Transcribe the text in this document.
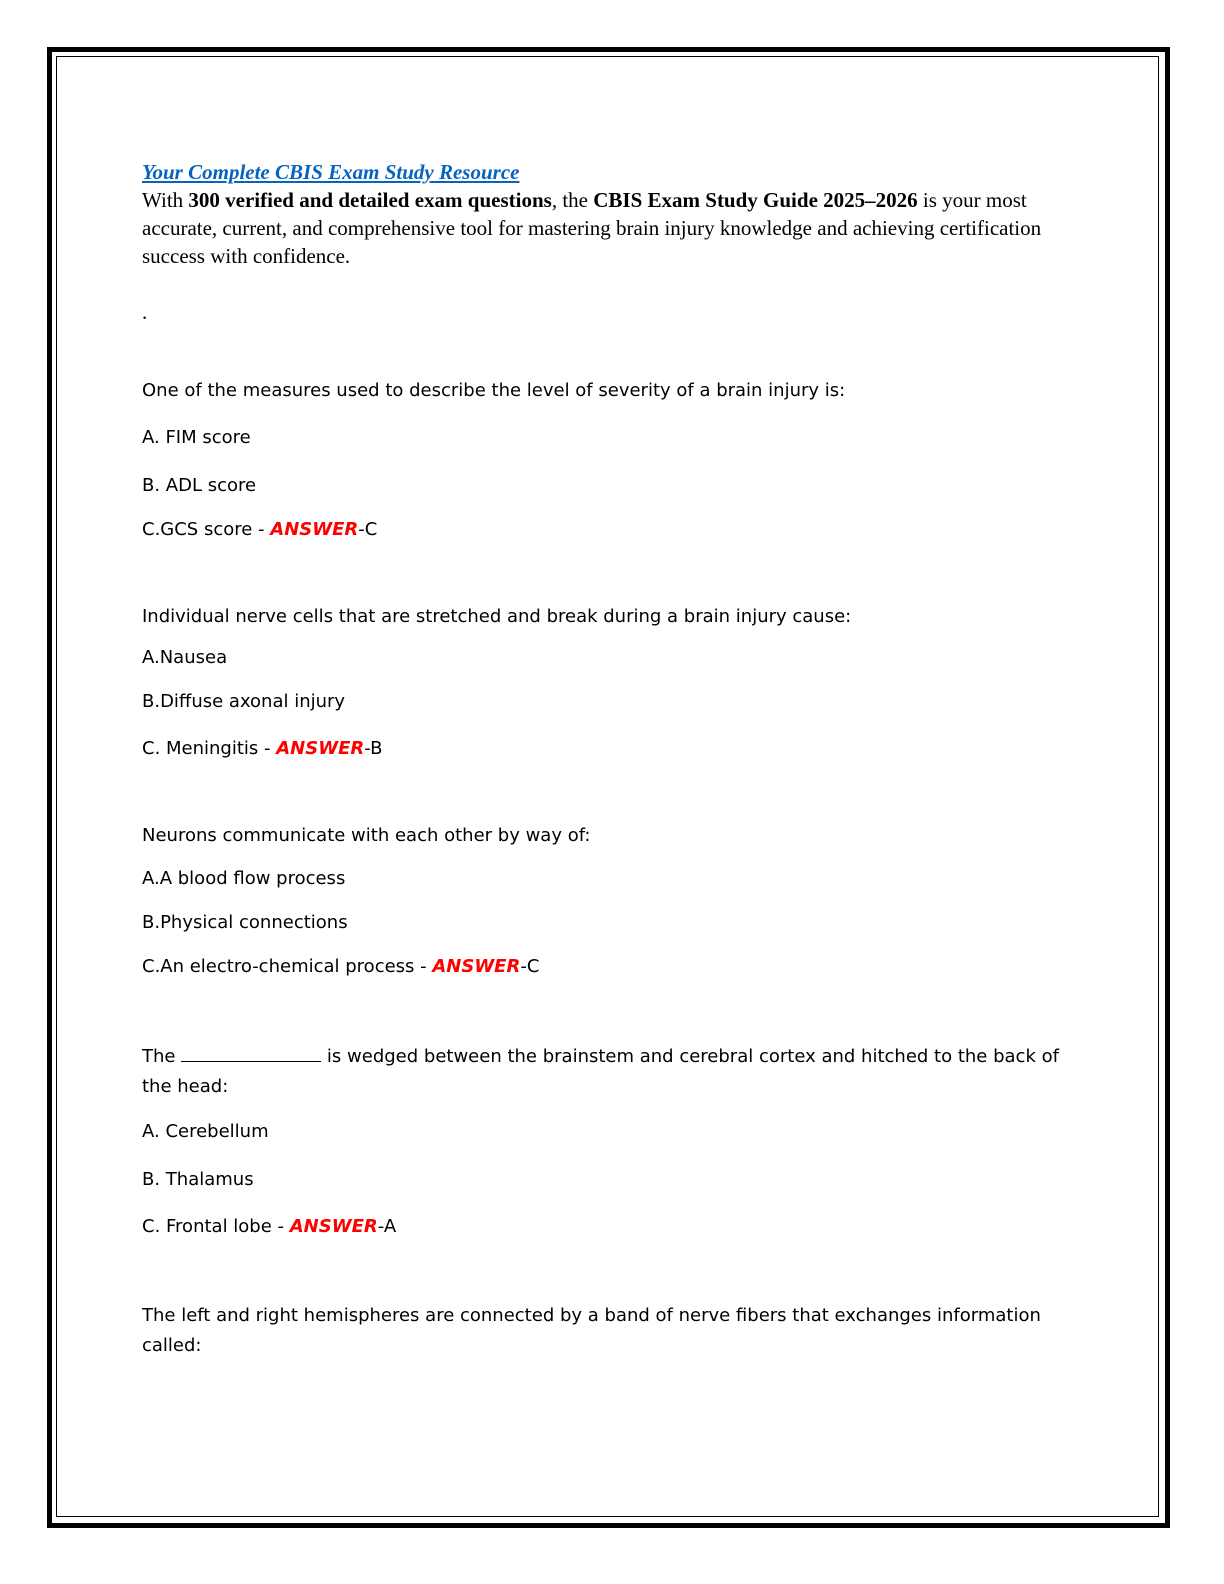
Your Complete CBIS Exam Study Resource

With 300 verified and detailed exam questions, the CBIS Exam Study Guide 2025–2026 is your most accurate, current, and comprehensive tool for mastering brain injury knowledge and achieving certification success with confidence.

.
One of the measures used to describe the level of severity of a brain injury is:
A. FIM score
B. ADL score
C.GCS score - ANSWER-C
Individual nerve cells that are stretched and break during a brain injury cause:
A.Nausea
B.Diffuse axonal injury
C. Meningitis - ANSWER-B
Neurons communicate with each other by way of:
A.A blood flow process
B.Physical connections
C.An electro-chemical process - ANSWER-C
The	is wedged between the brainstem and cerebral cortex and hitched to the back of the head:
A. Cerebellum
B. Thalamus
C. Frontal lobe - ANSWER-A
The left and right hemispheres are connected by a band of nerve fibers that exchanges information called:
